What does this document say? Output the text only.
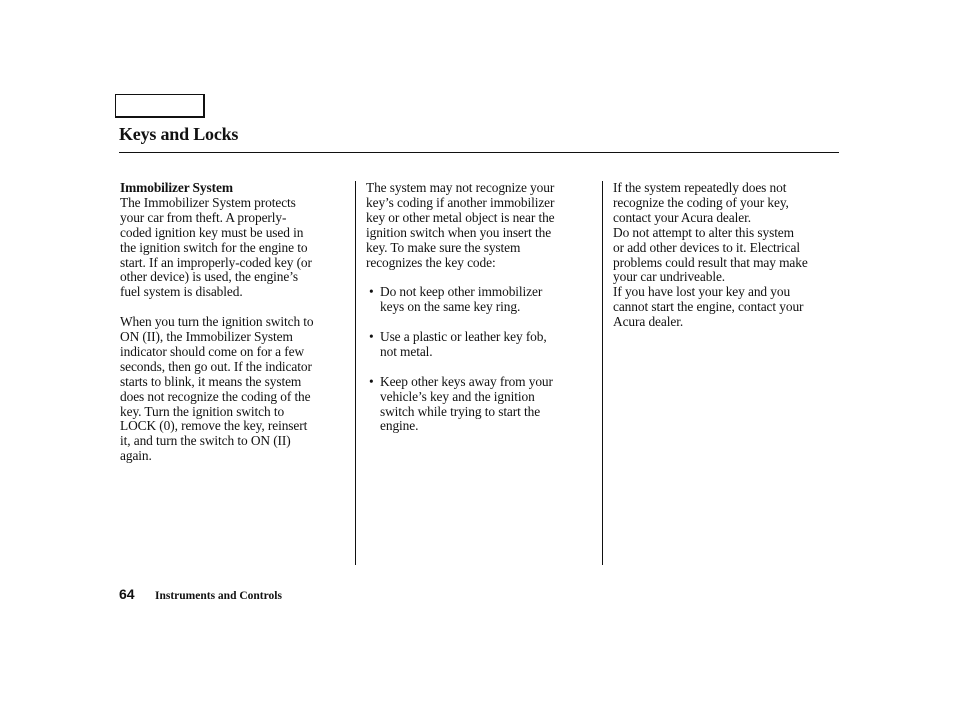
Keys and Locks

Immobilizer System

The Immobilizer System protects
your car from theft. A properly-
coded ignition key must be used in
the ignition switch for the engine to
start. If an improperly-coded key (or
other device) is used, the engine’s
fuel system is disabled.

When you turn the ignition switch to
ON (II), the Immobilizer System
indicator should come on for a few
seconds, then go out. If the indicator
starts to blink, it means the system
does not recognize the coding of the
key. Turn the ignition switch to
LOCK (0), remove the key, reinsert
it, and turn the switch to ON (II)
again.

The system may not recognize your
key’s coding if another immobilizer
key or other metal object is near the
ignition switch when you insert the
key. To make sure the system
recognizes the key code:

• Do not keep other immobilizer
keys on the same key ring.
• Use a plastic or leather key fob,
not metal.
• Keep other keys away from your
vehicle’s key and the ignition
switch while trying to start the
engine.

If the system repeatedly does not
recognize the coding of your key,
contact your Acura dealer.

Do not attempt to alter this system
or add other devices to it. Electrical
problems could result that may make
your car undriveable.

If you have lost your key and you
cannot start the engine, contact your
Acura dealer.

64 Instruments and Controls
